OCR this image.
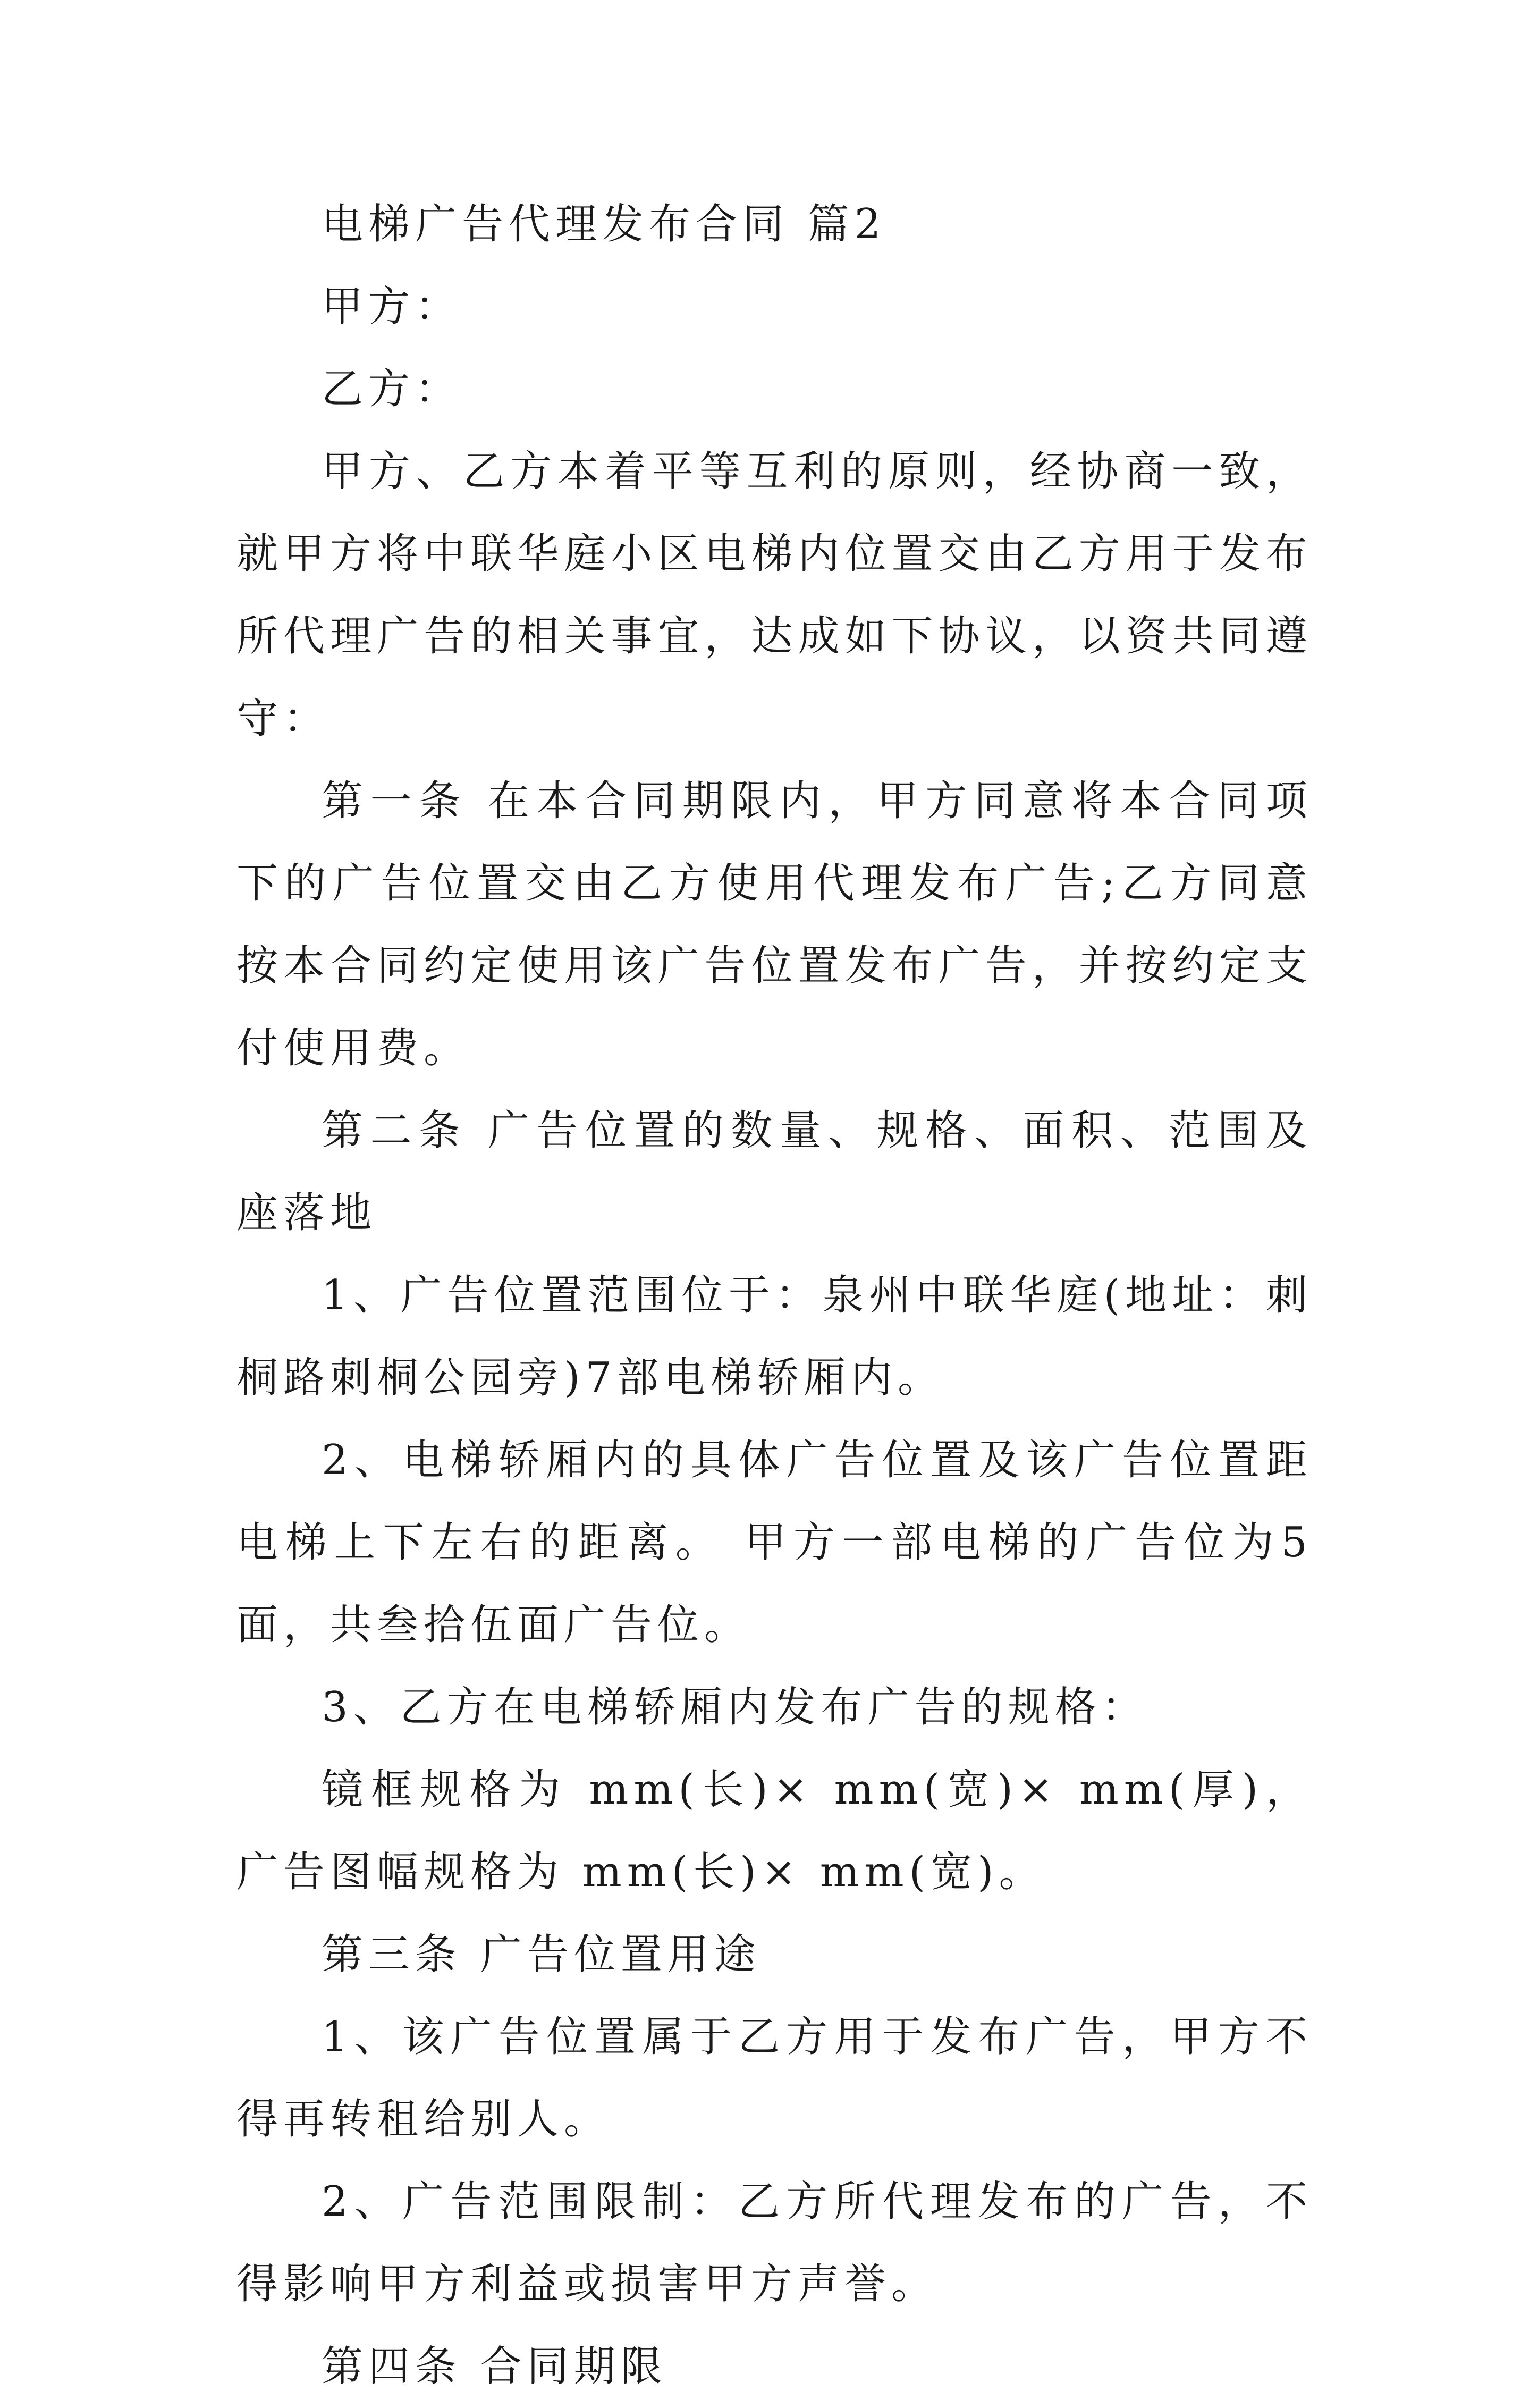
电梯广告代理发布合同 篇2

甲方：

乙方：

甲方、乙方本着平等互利的原则，经协商一致，就甲方将中联华庭小区电梯内位置交由乙方用于发布所代理广告的相关事宜，达成如下协议，以资共同遵守：

第一条 在本合同期限内，甲方同意将本合同项下的广告位置交由乙方使用代理发布广告;乙方同意按本合同约定使用该广告位置发布广告，并按约定支付使用费。

第二条 广告位置的数量、规格、面积、范围及座落地

1、广告位置范围位于：泉州中联华庭(地址：刺桐路刺桐公园旁)7部电梯轿厢内。

2、电梯轿厢内的具体广告位置及该广告位置距电梯上下左右的距离。 甲方一部电梯的广告位为5面，共叁拾伍面广告位。

3、乙方在电梯轿厢内发布广告的规格：

镜框规格为 mm(长)× mm(宽)× mm(厚)， 广告图幅规格为 mm(长)× mm(宽)。

第三条 广告位置用途

1、该广告位置属于乙方用于发布广告，甲方不得再转租给别人。

2、广告范围限制：乙方所代理发布的广告，不得影响甲方利益或损害甲方声誉。

第四条 合同期限
